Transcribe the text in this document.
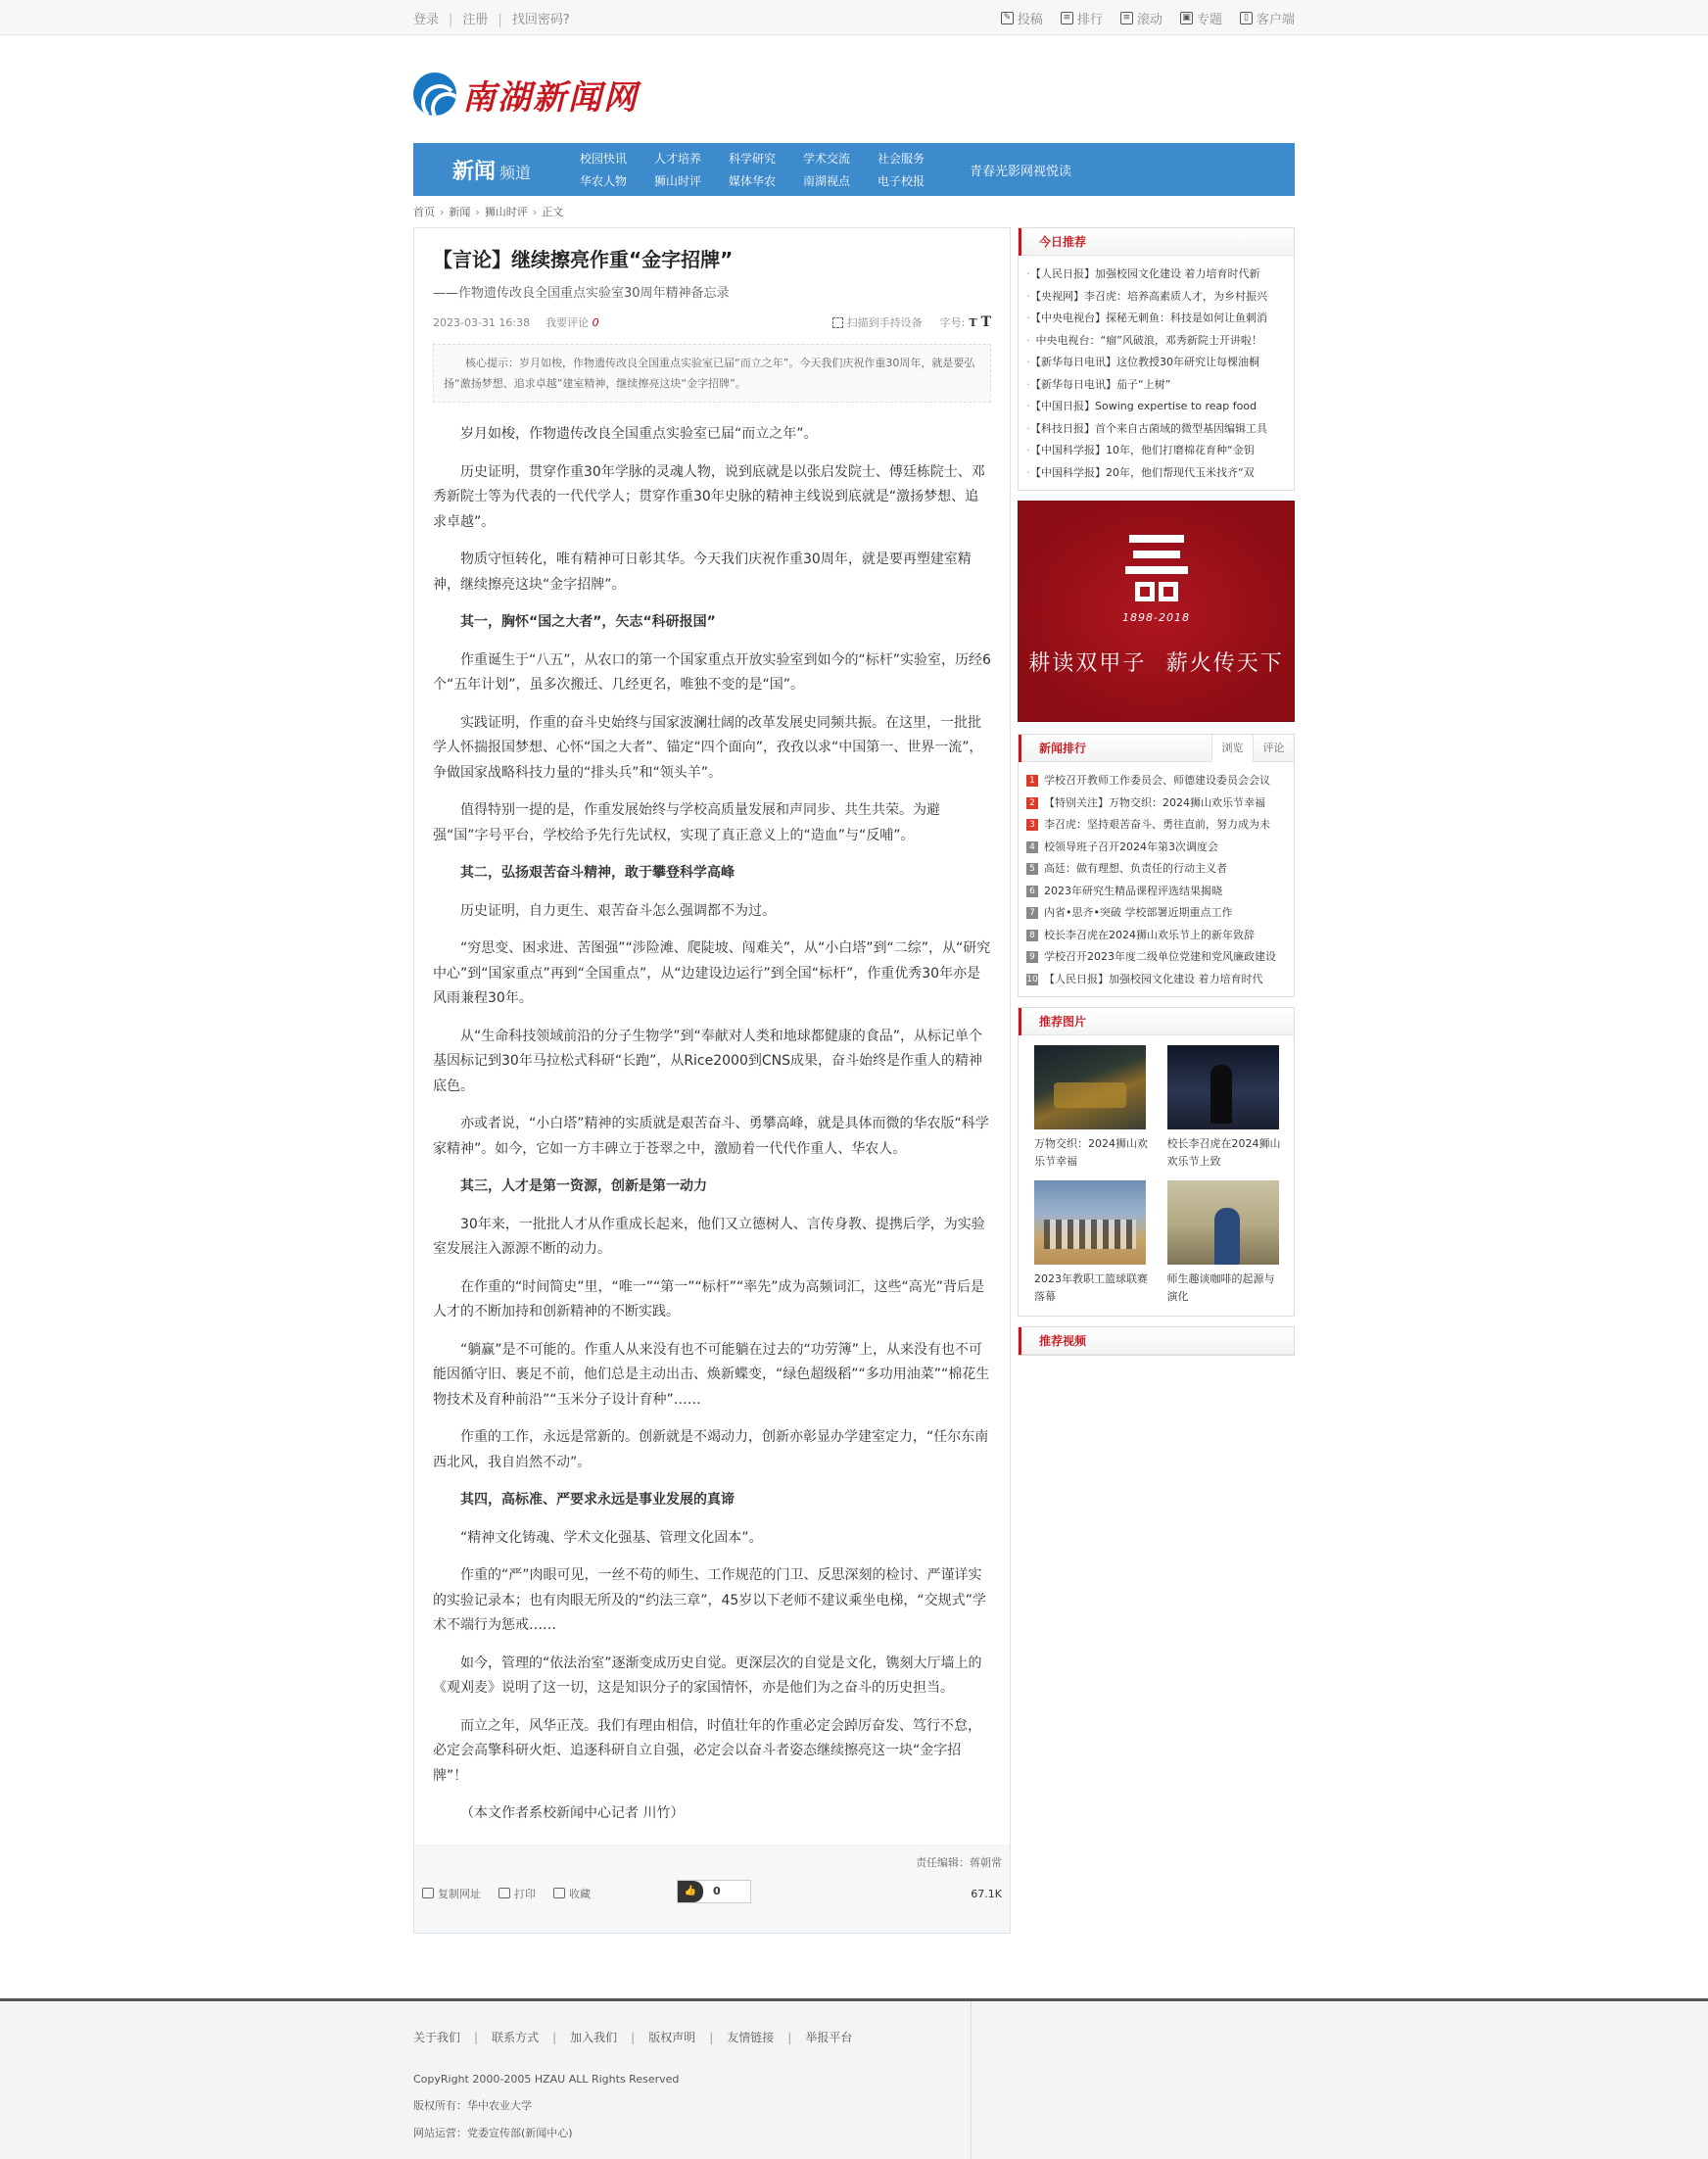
登录 | 注册 | 找回密码?	✎ 投稿	≡ 排行	≡ 滚动 ▣ 专题	▯ 客户端
南湖新闻网
新闻 频道
校园快讯	人才培养	科学研究	学术交流	社会服务
华农人物	狮山时评	媒体华农	南湖视点	电子校报
青春 光影 网视 悦读
首页 › 新闻 › 狮山时评 › 正文
【言论】继续擦亮作重“金字招牌”
——作物遗传改良全国重点实验室30周年精神备忘录
2023-03-31 16:38 我要评论 0	扫描到手持设备 字号: T T
核心提示：岁月如梭，作物遗传改良全国重点实验室已届“而立之年”。今天我们庆祝作重30周年，就是要弘扬“激扬梦想、追求卓越”建室精神，继续擦亮这块“金字招牌”。

岁月如梭，作物遗传改良全国重点实验室已届“而立之年”。

历史证明，贯穿作重30年学脉的灵魂人物，说到底就是以张启发院士、傅廷栋院士、邓秀新院士等为代表的一代代学人；贯穿作重30年史脉的精神主线说到底就是“激扬梦想、追求卓越”。

物质守恒转化，唯有精神可日彰其华。今天我们庆祝作重30周年，就是要再塑建室精神，继续擦亮这块“金字招牌”。

其一，胸怀“国之大者”，矢志“科研报国”

作重诞生于“八五”，从农口的第一个国家重点开放实验室到如今的“标杆”实验室，历经6个“五年计划”，虽多次搬迁、几经更名，唯独不变的是“国”。

实践证明，作重的奋斗史始终与国家波澜壮阔的改革发展史同频共振。在这里，一批批学人怀揣报国梦想、心怀“国之大者”、锚定“四个面向”，孜孜以求“中国第一、世界一流”，争做国家战略科技力量的“排头兵”和“领头羊”。

值得特别一提的是，作重发展始终与学校高质量发展和声同步、共生共荣。为避强“国”字号平台，学校给予先行先试权，实现了真正意义上的“造血”与“反哺”。

其二，弘扬艰苦奋斗精神，敢于攀登科学高峰

历史证明，自力更生、艰苦奋斗怎么强调都不为过。

“穷思变、困求进、苦图强”“涉险滩、爬陡坡、闯难关”，从“小白塔”到“二综”，从“研究中心”到“国家重点”再到“全国重点”，从“边建设边运行”到全国“标杆”，作重优秀30年亦是风雨兼程30年。

从“生命科技领域前沿的分子生物学”到“奉献对人类和地球都健康的食品”，从标记单个基因标记到30年马拉松式科研“长跑”，从Rice2000到CNS成果，奋斗始终是作重人的精神底色。

亦或者说，“小白塔”精神的实质就是艰苦奋斗、勇攀高峰，就是具体而微的华农版“科学家精神”。如今，它如一方丰碑立于苍翠之中，激励着一代代作重人、华农人。

其三，人才是第一资源，创新是第一动力

30年来，一批批人才从作重成长起来，他们又立德树人、言传身教、提携后学，为实验室发展注入源源不断的动力。

在作重的“时间简史”里，“唯一”“第一”“标杆”“率先”成为高频词汇，这些“高光”背后是人才的不断加持和创新精神的不断实践。

“躺赢”是不可能的。作重人从来没有也不可能躺在过去的“功劳簿”上，从来没有也不可能因循守旧、裹足不前，他们总是主动出击、焕新蝶变，“绿色超级稻”“多功用油菜”“棉花生物技术及育种前沿”“玉米分子设计育种”……

作重的工作，永远是常新的。创新就是不竭动力，创新亦彰显办学建室定力，“任尔东南西北风，我自岿然不动”。

其四，高标准、严要求永远是事业发展的真谛

“精神文化铸魂、学术文化强基、管理文化固本”。

作重的“严”肉眼可见，一丝不苟的师生、工作规范的门卫、反思深刻的检讨、严谨详实的实验记录本；也有肉眼无所及的“约法三章”，45岁以下老师不建议乘坐电梯，“交规式”学术不端行为惩戒……

如今，管理的“依法治室”逐渐变成历史自觉。更深层次的自觉是文化，镌刻大厅墙上的《观刈麦》说明了这一切，这是知识分子的家国情怀，亦是他们为之奋斗的历史担当。

而立之年，风华正茂。我们有理由相信，时值壮年的作重必定会踔厉奋发、笃行不怠，必定会高擎科研火炬、追逐科研自立自强，必定会以奋斗者姿态继续擦亮这一块“金字招牌”！

（本文作者系校新闻中心记者 川竹）

责任编辑：蒋朝常
复制网址	打印	收藏	👍	0	67.1K
今日推荐
· 【人民日报】加强校园文化建设 着力培育时代新
· 【央视网】李召虎：培养高素质人才，为乡村振兴
· 【中央电视台】探秘无刺鱼：科技是如何让鱼刺消
· 中央电视台：“瘤”风破浪，邓秀新院士开讲啦！
· 【新华每日电讯】这位教授30年研究让每棵油桐
· 【新华每日电讯】茄子“上树”
· 【中国日报】Sowing expertise to reap food
· 【科技日报】首个来自古菌域的微型基因编辑工具
· 【中国科学报】10年，他们打磨棉花育种“金钥
· 【中国科学报】20年，他们帮现代玉米找齐“双
1898-2018
耕读双甲子 薪火传天下
新闻排行	浏览	评论
1 学校召开教师工作委员会、师德建设委员会会议
2 【特别关注】万物交织：2024狮山欢乐节幸福
3 李召虎：坚持艰苦奋斗、勇往直前，努力成为未
4 校领导班子召开2024年第3次调度会
5 高廷：做有理想、负责任的行动主义者
6 2023年研究生精品课程评选结果揭晓
7 内省•思齐•突破 学校部署近期重点工作
8 校长李召虎在2024狮山欢乐节上的新年致辞
9 学校召开2023年度二级单位党建和党风廉政建设
10 【人民日报】加强校园文化建设 着力培育时代
推荐图片
万物交织：2024狮山欢乐节幸福
校长李召虎在2024狮山欢乐节上致
2023年教职工篮球联赛落幕
师生趣谈咖啡的起源与演化
推荐视频
关于我们 | 联系方式 | 加入我们 | 版权声明 | 友情链接 | 举报平台
CopyRight 2000-2005 HZAU ALL Rights Reserved
版权所有：华中农业大学
网站运营：党委宣传部(新闻中心)
